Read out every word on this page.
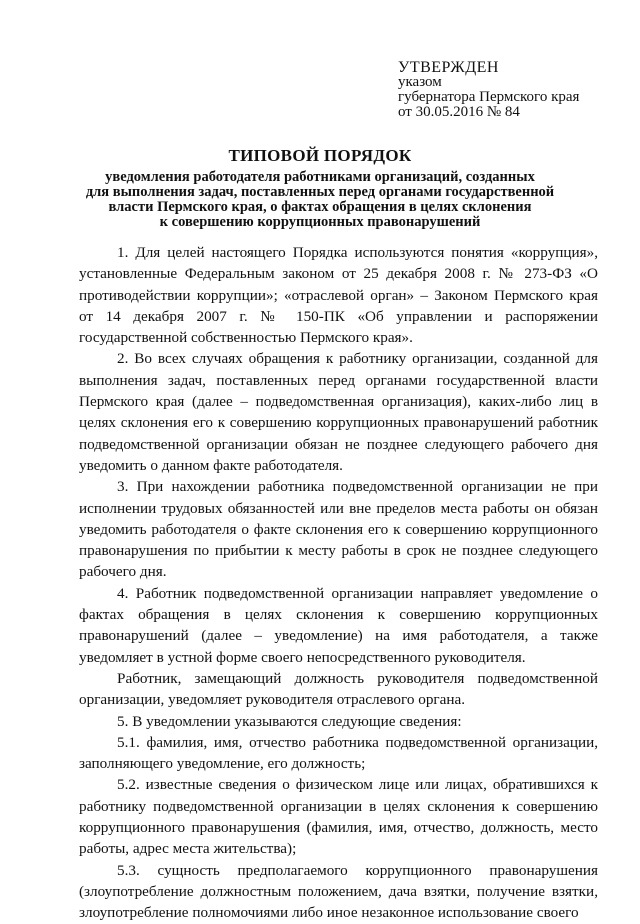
УТВЕРЖДЕН
указом
губернатора Пермского края
от 30.05.2016 № 84
ТИПОВОЙ ПОРЯДОК
уведомления работодателя работниками организаций, созданных
для выполнения задач, поставленных перед органами государственной
власти Пермского края, о фактах обращения в целях склонения
к совершению коррупционных правонарушений

1. Для целей настоящего Порядка используются понятия «коррупция», установленные Федеральным законом от 25 декабря 2008 г. № 273-ФЗ «О противодействии коррупции»; «отраслевой орган» – Законом Пермского края от 14 декабря 2007 г. № 150-ПК «Об управлении и распоряжении государственной собственностью Пермского края».

2. Во всех случаях обращения к работнику организации, созданной для выполнения задач, поставленных перед органами государственной власти Пермского края (далее – подведомственная организация), каких-либо лиц в целях склонения его к совершению коррупционных правонарушений работник подведомственной организации обязан не позднее следующего рабочего дня уведомить о данном факте работодателя.

3. При нахождении работника подведомственной организации не при исполнении трудовых обязанностей или вне пределов места работы он обязан уведомить работодателя о факте склонения его к совершению коррупционного правонарушения по прибытии к месту работы в срок не позднее следующего рабочего дня.

4. Работник подведомственной организации направляет уведомление о фактах обращения в целях склонения к совершению коррупционных правонарушений (далее – уведомление) на имя работодателя, а также уведомляет в устной форме своего непосредственного руководителя.

Работник, замещающий должность руководителя подведомственной организации, уведомляет руководителя отраслевого органа.

5. В уведомлении указываются следующие сведения:

5.1. фамилия, имя, отчество работника подведомственной организации, заполняющего уведомление, его должность;

5.2. известные сведения о физическом лице или лицах, обратившихся к работнику подведомственной организации в целях склонения к совершению коррупционного правонарушения (фамилия, имя, отчество, должность, место работы, адрес места жительства);

5.3. сущность предполагаемого коррупционного правонарушения (злоупотребление должностным положением, дача взятки, получение взятки, злоупотребление полномочиями либо иное незаконное использование своего
